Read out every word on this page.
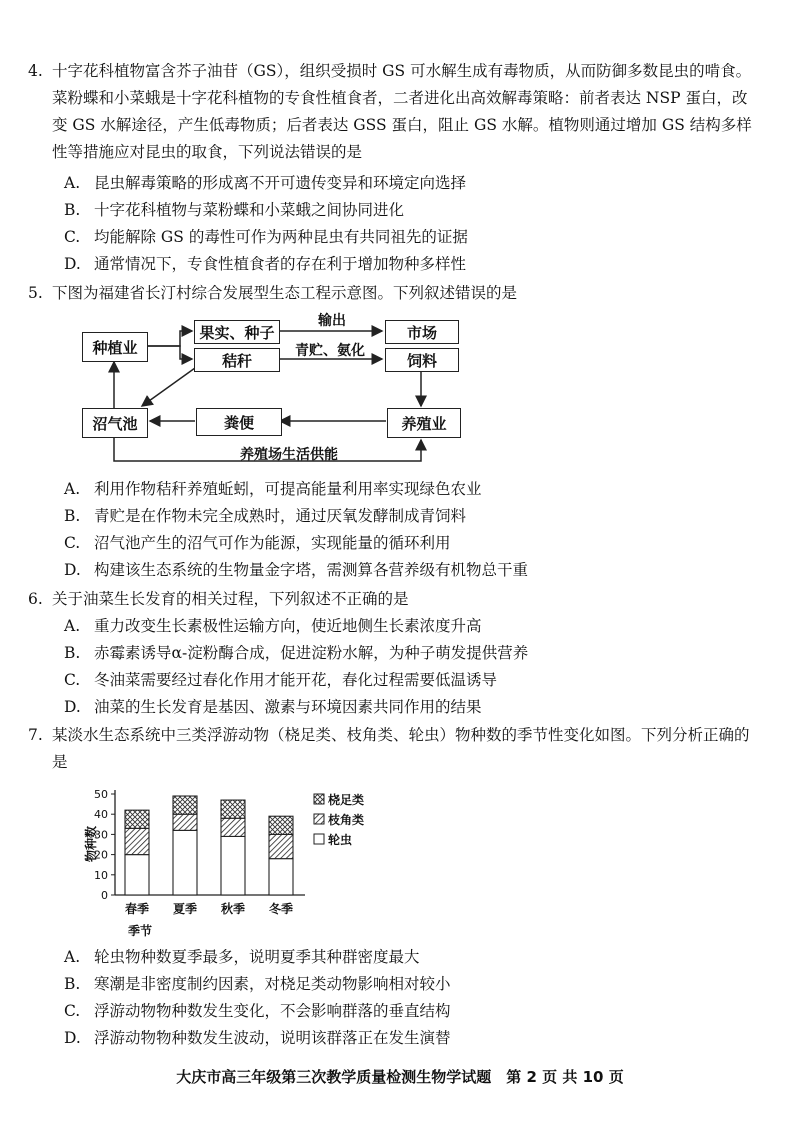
4. 十字花科植物富含芥子油苷（GS），组织受损时 GS 可水解生成有毒物质，从而防御多数昆虫的啃食。菜粉蝶和小菜蛾是十字花科植物的专食性植食者，二者进化出高效解毒策略：前者表达 NSP 蛋白，改变 GS 水解途径，产生低毒物质；后者表达 GSS 蛋白，阻止 GS 水解。植物则通过增加 GS 结构多样性等措施应对昆虫的取食，下列说法错误的是

A. 昆虫解毒策略的形成离不开可遗传变异和环境定向选择
B. 十字花科植物与菜粉蝶和小菜蛾之间协同进化
C. 均能解除 GS 的毒性可作为两种昆虫有共同祖先的证据
D. 通常情况下，专食性植食者的存在利于增加物种多样性
5. 下图为福建省长汀村综合发展型生态工程示意图。下列叙述错误的是

种植业
果实、种子
秸秆
市场
饲料
沼气池	粪便	养殖业
输出
青贮、氨化
养殖场生活供能
A. 利用作物秸秆养殖蚯蚓，可提高能量利用率实现绿色农业
B. 青贮是在作物未完全成熟时，通过厌氧发酵制成青饲料
C. 沼气池产生的沼气可作为能源，实现能量的循环利用
D. 构建该生态系统的生物量金字塔，需测算各营养级有机物总干重
6. 关于油菜生长发育的相关过程，下列叙述不正确的是

A. 重力改变生长素极性运输方向，使近地侧生长素浓度升高
B. 赤霉素诱导α-淀粉酶合成，促进淀粉水解，为种子萌发提供营养
C. 冬油菜需要经过春化作用才能开花，春化过程需要低温诱导
D. 油菜的生长发育是基因、激素与环境因素共同作用的结果
7. 某淡水生态系统中三类浮游动物（桡足类、枝角类、轮虫）物种数的季节性变化如图。下列分析正确的是

0
10
20
30
40
50
物种数
春季 夏季 秋季 冬季
季节
桡足类
枝角类
轮虫
A. 轮虫物种数夏季最多，说明夏季其种群密度最大
B. 寒潮是非密度制约因素，对桡足类动物影响相对较小
C. 浮游动物物种数发生变化，不会影响群落的垂直结构
D. 浮游动物物种数发生波动，说明该群落正在发生演替
大庆市高三年级第三次教学质量检测生物学试题　第 2 页 共 10 页
